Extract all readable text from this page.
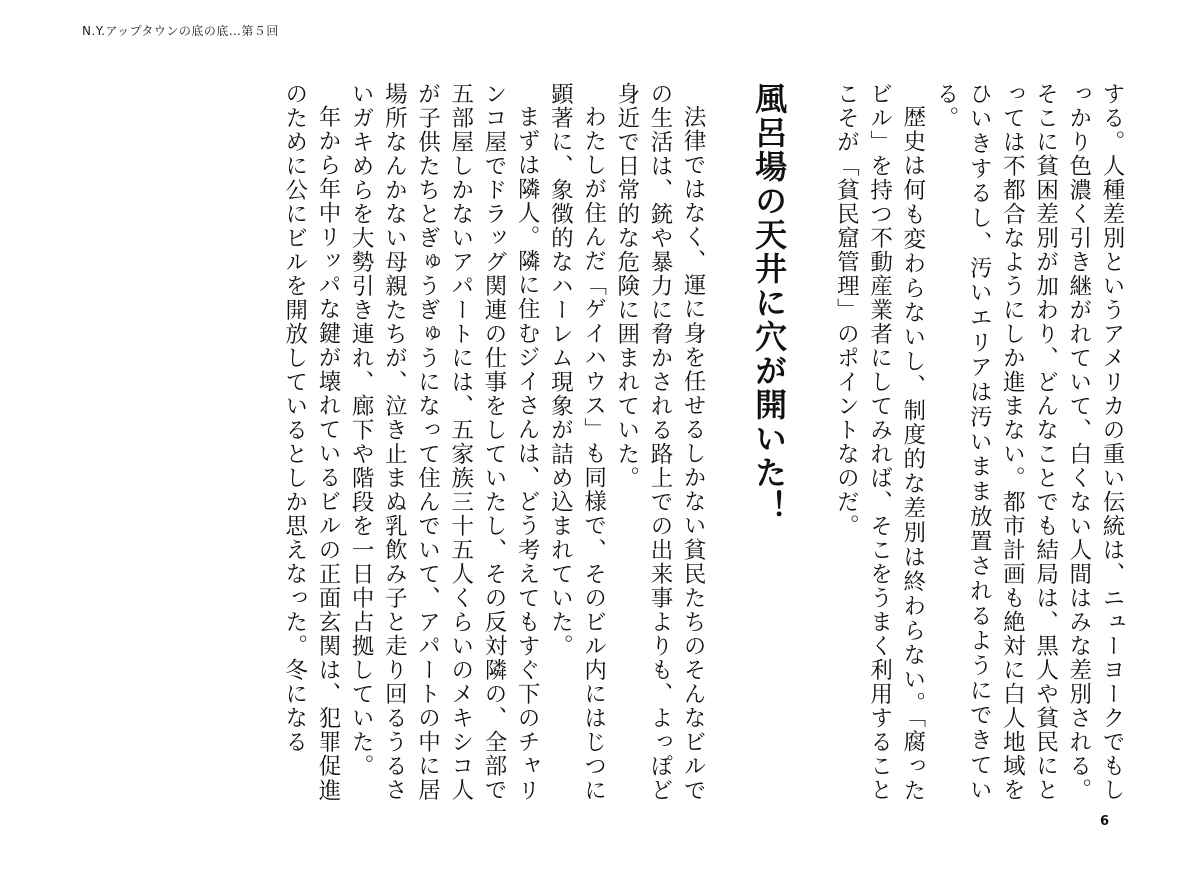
N.Y.アップタウンの底の底…第５回

する。人種差別というアメリカの重い伝統は、ニューヨークでもしっかり色濃く引き継がれていて、白くない人間はみな差別される。そこに貧困差別が加わり、どんなことでも結局は、黒人や貧民にとっては不都合なようにしか進まない。都市計画も絶対に白人地域をひいきするし、汚いエリアは汚いまま放置されるようにできている。

歴史は何も変わらないし、制度的な差別は終わらない。「腐ったビル」を持つ不動産業者にしてみれば、そこをうまく利用することこそが「貧民窟管理」のポイントなのだ。

風呂場の天井に穴が開いた！

法律ではなく、運に身を任せるしかない貧民たちのそんなビルでの生活は、銃や暴力に脅かされる路上での出来事よりも、よっぽど身近で日常的な危険に囲まれていた。

わたしが住んだ「ゲイハウス」も同様で、そのビル内にはじつに顕著に、象徴的なハーレム現象が詰め込まれていた。

まずは隣人。隣に住むジイさんは、どう考えてもすぐ下のチャリンコ屋でドラッグ関連の仕事をしていたし、その反対隣の、全部で五部屋しかないアパートには、五家族三十五人くらいのメキシコ人が子供たちとぎゅうぎゅうになって住んでいて、アパートの中に居場所なんかない母親たちが、泣き止まぬ乳飲み子と走り回るうるさいガキめらを大勢引き連れ、廊下や階段を一日中占拠していた。

年から年中リッパな鍵が壊れているビルの正面玄関は、犯罪促進のために公にビルを開放しているとしか思えなった。冬になる

6
